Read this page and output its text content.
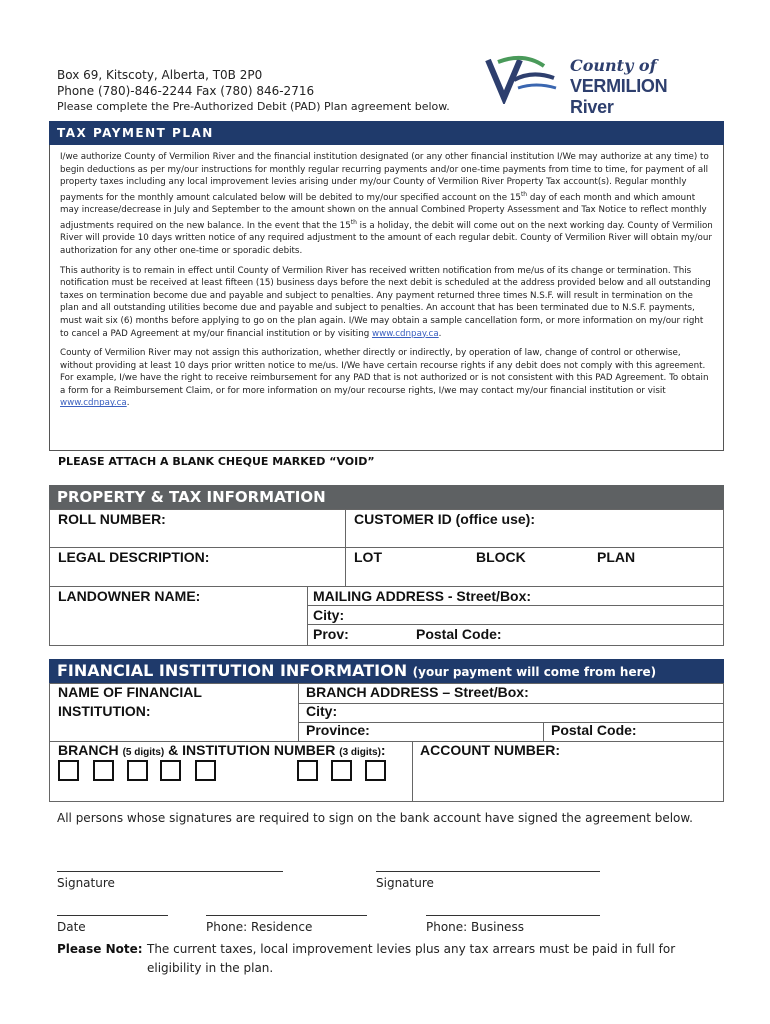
Box 69, Kitscoty, Alberta, T0B 2P0
Phone (780)-846-2244 Fax (780) 846-2716
Please complete the Pre-Authorized Debit (PAD) Plan agreement below.
County of
VERMILION River
TAX PAYMENT PLAN

I/we authorize County of Vermilion River and the financial institution designated (or any other financial institution I/We may authorize at any time) to begin deductions as per my/our instructions for monthly regular recurring payments and/or one-time payments from time to time, for payment of all property taxes including any local improvement levies arising under my/our County of Vermilion River Property Tax account(s). Regular monthly payments for the monthly amount calculated below will be debited to my/our specified account on the 15th day of each month and which amount may increase/decrease in July and September to the amount shown on the annual Combined Property Assessment and Tax Notice to reflect monthly adjustments required on the new balance. In the event that the 15th is a holiday, the debit will come out on the next working day. County of Vermilion River will provide 10 days written notice of any required adjustment to the amount of each regular debit. County of Vermilion River will obtain my/our authorization for any other one-time or sporadic debits.

This authority is to remain in effect until County of Vermilion River has received written notification from me/us of its change or termination. This notification must be received at least fifteen (15) business days before the next debit is scheduled at the address provided below and all outstanding taxes on termination become due and payable and subject to penalties. Any payment returned three times N.S.F. will result in termination on the plan and all outstanding utilities become due and payable and subject to penalties. An account that has been terminated due to N.S.F. payments, must wait six (6) months before applying to go on the plan again. I/We may obtain a sample cancellation form, or more information on my/our right to cancel a PAD Agreement at my/our financial institution or by visiting www.cdnpay.ca.

County of Vermilion River may not assign this authorization, whether directly or indirectly, by operation of law, change of control or otherwise, without providing at least 10 days prior written notice to me/us. I/We have certain recourse rights if any debit does not comply with this agreement. For example, I/we have the right to receive reimbursement for any PAD that is not authorized or is not consistent with this PAD Agreement. To obtain a form for a Reimbursement Claim, or for more information on my/our recourse rights, I/we may contact my/our financial institution or visit www.cdnpay.ca.

PLEASE ATTACH A BLANK CHEQUE MARKED “VOID”
PROPERTY & TAX INFORMATION
ROLL NUMBER:	CUSTOMER ID (office use):
LEGAL DESCRIPTION:	LOT	BLOCK	PLAN
LANDOWNER NAME:	MAILING ADDRESS - Street/Box:
City:
Prov:	Postal Code:
FINANCIAL INSTITUTION INFORMATION (your payment will come from here)
NAME OF FINANCIAL
INSTITUTION:
BRANCH ADDRESS – Street/Box:
City:
Province:	Postal Code:
BRANCH (5 digits) & INSTITUTION NUMBER (3 digits): ACCOUNT NUMBER:
All persons whose signatures are required to sign on the bank account have signed the agreement below.
Signature	Signature
Date	Phone: Residence	Phone: Business
Please Note: The current taxes, local improvement levies plus any tax arrears must be paid in full for
eligibility in the plan.
